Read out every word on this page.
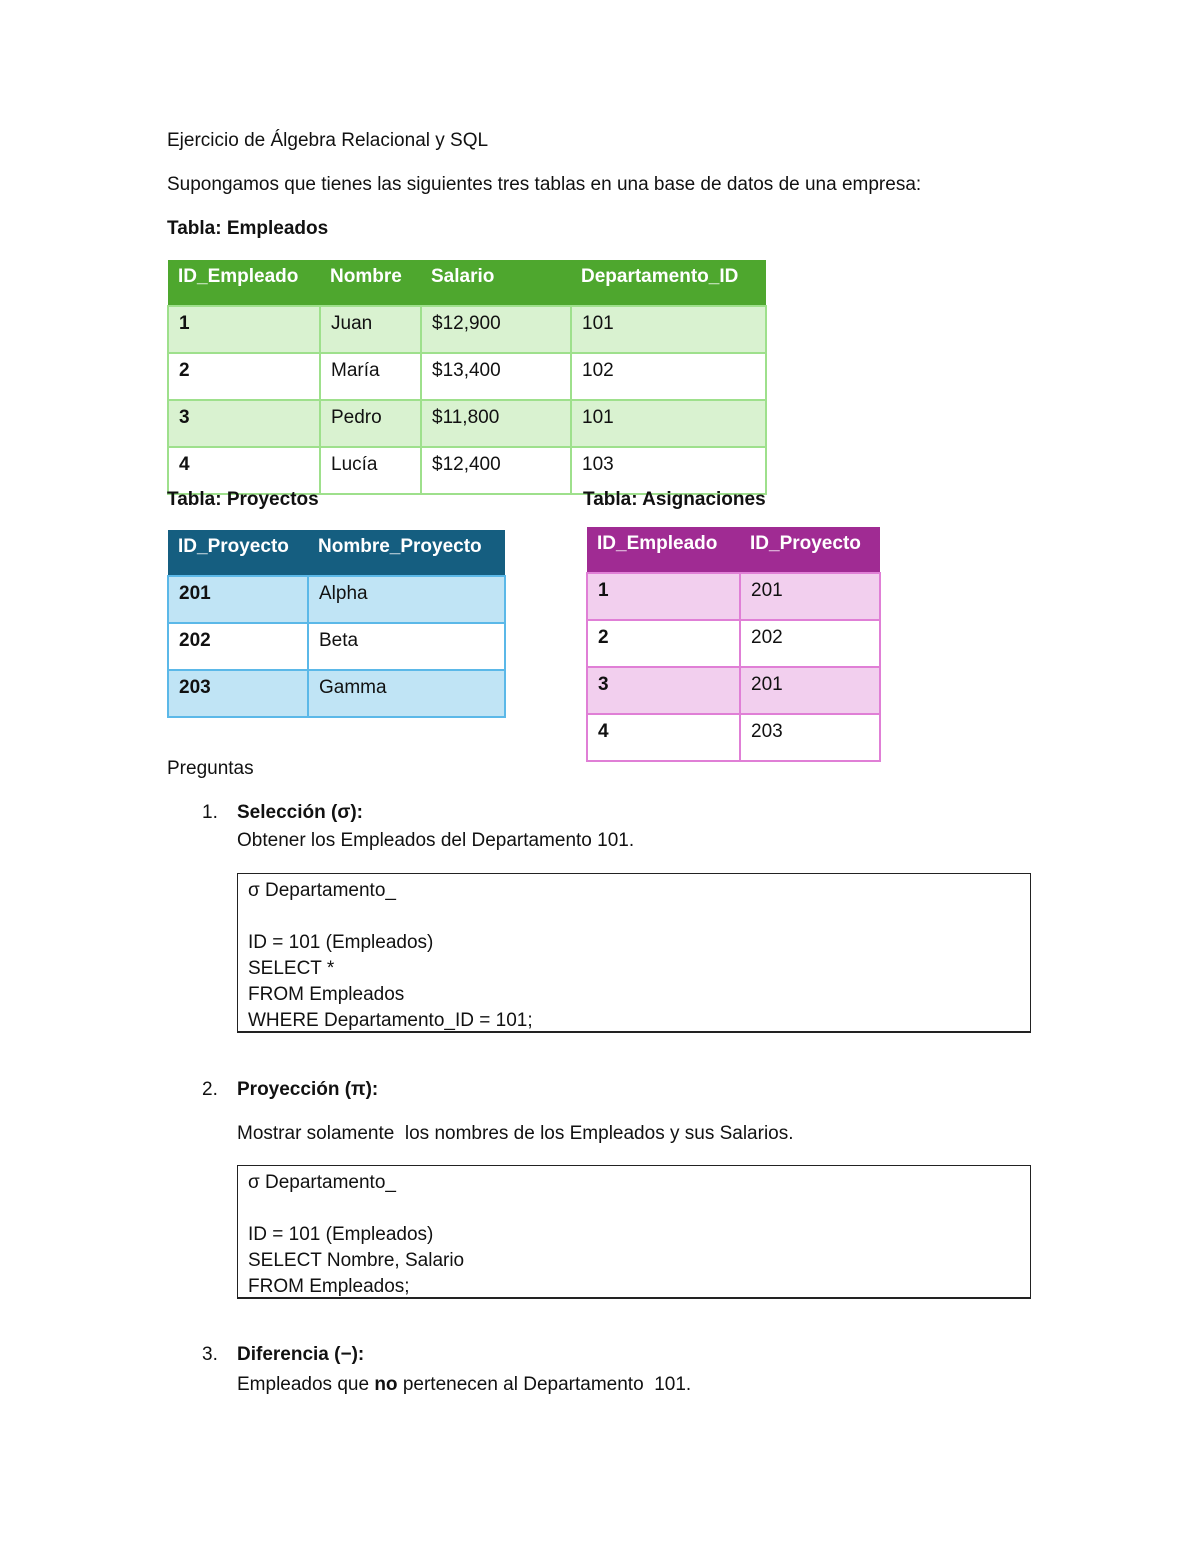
Ejercicio de Álgebra Relacional y SQL
Supongamos que tienes las siguientes tres tablas en una base de datos de una empresa:
Tabla: Empleados
ID_Empleado	Nombre	Salario	Departamento_ID
1	Juan	$12,900	101
2	María	$13,400	102
3	Pedro	$11,800	101
4	Lucía	$12,400	103
Tabla: Proyectos	Tabla: Asignaciones
ID_Proyecto	Nombre_Proyecto
201	Alpha
202	Beta
203	Gamma
ID_Empleado	ID_Proyecto
1	201
2	202
3	201
4	203
Preguntas
1. Selección (σ):
Obtener los Empleados del Departamento 101.
σ Departamento_
ID = 101 (Empleados)
SELECT *
FROM Empleados
WHERE Departamento_ID = 101;
2. Proyección (π):
Mostrar solamente  los nombres de los Empleados y sus Salarios.
σ Departamento_
ID = 101 (Empleados)
SELECT Nombre, Salario
FROM Empleados;
3. Diferencia (−):
Empleados que no pertenecen al Departamento  101.
